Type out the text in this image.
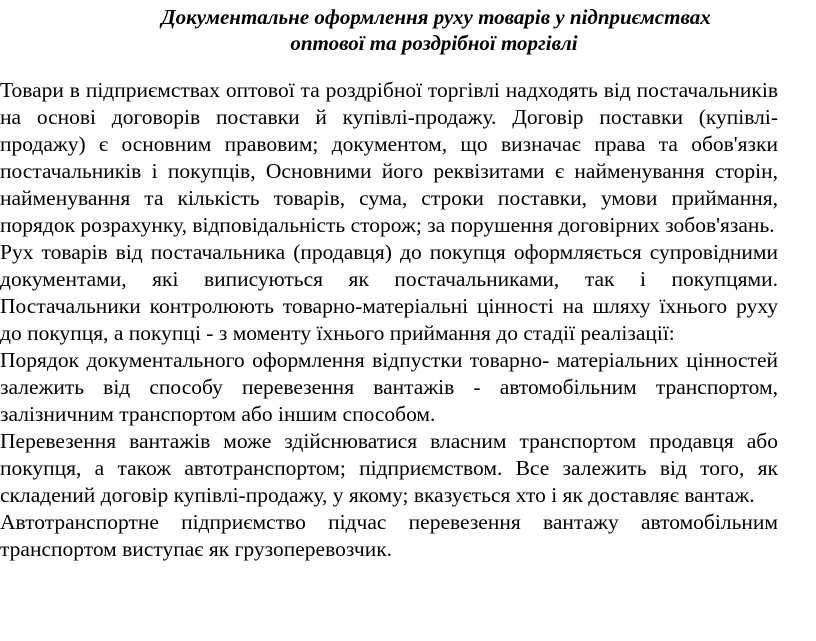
Документальне оформлення руху товарів у підприємствах
оптової та роздрібної торгівлі

Товари в підприємствах оптової та роздрібної торгівлі надходять від постачальників на основі договорів поставки й купівлі-продажу. Договір поставки (купівлі-продажу) є основним правовим; документом, що визначає права та обов'язки постачальників і покупців, Основними його реквізитами є найменування сторін, найменування та кількість товарів, сума, строки поставки, умови приймання, порядок розрахунку, відповідальність сторож; за порушення договірних зобов'язань.

Рух товарів від постачальника (продавця) до покупця оформляється супровідними документами, які виписуються як постачальниками, так і покупцями. Постачальники контролюють товарно-матеріальні цінності на шляху їхнього руху до покупця, а покупці - з моменту їхнього приймання до стадії реалізації:

Порядок документального оформлення відпустки товарно- матеріальних цінностей залежить від способу перевезення вантажів - автомобільним транспортом, залізничним транспортом або іншим способом.

Перевезення вантажів може здійснюватися власним транспортом продавця або покупця, а також автотранспортом; підприємством. Все залежить від того, як складений договір купівлі-продажу, у якому; вказується хто і як доставляє вантаж.

Автотранспортне підприємство підчас перевезення вантажу автомобільним транспортом виступає як грузоперевозчик.
